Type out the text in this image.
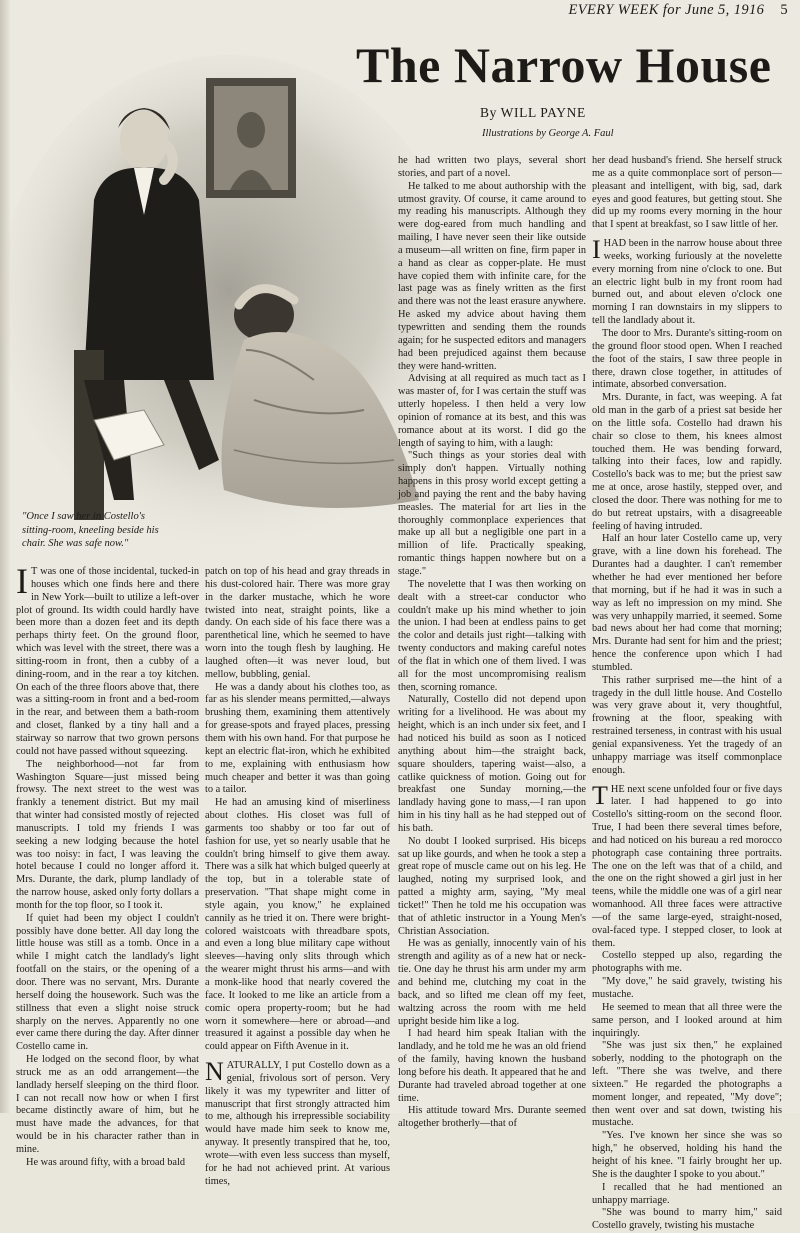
EVERY WEEK for June 5, 1916 5
The Narrow House
By WILL PAYNE
Illustrations by George A. Faul
"Once I saw her in Costello's sitting-room, kneeling beside his chair. She was safe now."

I T was one of those incidental, tucked-in houses which one finds here and there in New York—built to utilize a left-over plot of ground. Its width could hardly have been more than a dozen feet and its depth perhaps thirty feet. On the ground floor, which was level with the street, there was a sitting-room in front, then a cubby of a dining-room, and in the rear a toy kitchen. On each of the three floors above that, there was a sitting-room in front and a bed-room in the rear, and between them a bath-room and closet, flanked by a tiny hall and a stairway so narrow that two grown persons could not have passed without squeezing.

The neighborhood—not far from Washington Square—just missed being frowsy. The next street to the west was frankly a tenement district. But my mail that winter had consisted mostly of rejected manuscripts. I told my friends I was seeking a new lodging because the hotel was too noisy: in fact, I was leaving the hotel because I could no longer afford it. Mrs. Durante, the dark, plump landlady of the narrow house, asked only forty dollars a month for the top floor, so I took it.

If quiet had been my object I couldn't possibly have done better. All day long the little house was still as a tomb. Once in a while I might catch the landlady's light footfall on the stairs, or the opening of a door. There was no servant, Mrs. Durante herself doing the housework. Such was the stillness that even a slight noise struck sharply on the nerves. Apparently no one ever came there during the day. After dinner Costello came in.

He lodged on the second floor, by what struck me as an odd arrangement—the landlady herself sleeping on the third floor. I can not recall now how or when I first became distinctly aware of him, but he must have made the advances, for that would be in his character rather than in mine.

He was around fifty, with a broad bald

patch on top of his head and gray threads in his dust-colored hair. There was more gray in the darker mustache, which he wore twisted into neat, straight points, like a dandy. On each side of his face there was a parenthetical line, which he seemed to have worn into the tough flesh by laughing. He laughed often—it was never loud, but mellow, bubbling, genial.

He was a dandy about his clothes too, as far as his slender means permitted,—always brushing them, examining them attentively for grease-spots and frayed places, pressing them with his own hand. For that purpose he kept an electric flat-iron, which he exhibited to me, explaining with enthusiasm how much cheaper and better it was than going to a tailor.

He had an amusing kind of miserliness about clothes. His closet was full of garments too shabby or too far out of fashion for use, yet so nearly usable that he couldn't bring himself to give them away. There was a silk hat which bulged queerly at the top, but in a tolerable state of preservation. "That shape might come in style again, you know," he explained cannily as he tried it on. There were bright-colored waistcoats with threadbare spots, and even a long blue military cape without sleeves—having only slits through which the wearer might thrust his arms—and with a monk-like hood that nearly covered the face. It looked to me like an article from a comic opera property-room; but he had worn it somewhere—here or abroad—and treasured it against a possible day when he could appear on Fifth Avenue in it.

NATURALLY, I put Costello down as a genial, frivolous sort of person. Very likely it was my typewriter and litter of manuscript that first strongly attracted him to me, although his irrepressible sociability would have made him seek to know me, anyway. It presently transpired that he, too, wrote—with even less success than myself, for he had not achieved print. At various times,

he had written two plays, several short stories, and part of a novel.

He talked to me about authorship with the utmost gravity. Of course, it came around to my reading his manuscripts. Although they were dog-eared from much handling and mailing, I have never seen their like outside a museum—all written on fine, firm paper in a hand as clear as copper-plate. He must have copied them with infinite care, for the last page was as finely written as the first and there was not the least erasure anywhere. He asked my advice about having them typewritten and sending them the rounds again; for he suspected editors and managers had been prejudiced against them because they were hand-written.

Advising at all required as much tact as I was master of, for I was certain the stuff was utterly hopeless. I then held a very low opinion of romance at its best, and this was romance about at its worst. I did go the length of saying to him, with a laugh:

"Such things as your stories deal with simply don't happen. Virtually nothing happens in this prosy world except getting a job and paying the rent and the baby having measles. The material for art lies in the thoroughly commonplace experiences that make up all but a negligible one part in a million of life. Practically speaking, romantic things happen nowhere but on a stage."

The novelette that I was then working on dealt with a street-car conductor who couldn't make up his mind whether to join the union. I had been at endless pains to get the color and details just right—talking with twenty conductors and making careful notes of the flat in which one of them lived. I was all for the most uncompromising realism then, scorning romance.

Naturally, Costello did not depend upon writing for a livelihood. He was about my height, which is an inch under six feet, and I had noticed his build as soon as I noticed anything about him—the straight back, square shoulders, tapering waist—also, a catlike quickness of motion. Going out for breakfast one Sunday morning,—the landlady having gone to mass,—I ran upon him in his tiny hall as he had stepped out of his bath.

No doubt I looked surprised. His biceps sat up like gourds, and when he took a step a great rope of muscle came out on his leg. He laughed, noting my surprised look, and patted a mighty arm, saying, "My meal ticket!" Then he told me his occupation was that of athletic instructor in a Young Men's Christian Association.

He was as genially, innocently vain of his strength and agility as of a new hat or neck-tie. One day he thrust his arm under my arm and behind me, clutching my coat in the back, and so lifted me clean off my feet, waltzing across the room with me held upright beside him like a log.

I had heard him speak Italian with the landlady, and he told me he was an old friend of the family, having known the husband long before his death. It appeared that he and Durante had traveled abroad together at one time.

His attitude toward Mrs. Durante seemed altogether brotherly—that of

her dead husband's friend. She herself struck me as a quite commonplace sort of person—pleasant and intelligent, with big, sad, dark eyes and good features, but getting stout. She did up my rooms every morning in the hour that I spent at breakfast, so I saw little of her.

IHAD been in the narrow house about three weeks, working furiously at the novelette every morning from nine o'clock to one. But an electric light bulb in my front room had burned out, and about eleven o'clock one morning I ran downstairs in my slippers to tell the landlady about it.

The door to Mrs. Durante's sitting-room on the ground floor stood open. When I reached the foot of the stairs, I saw three people in there, drawn close together, in attitudes of intimate, absorbed conversation.

Mrs. Durante, in fact, was weeping. A fat old man in the garb of a priest sat beside her on the little sofa. Costello had drawn his chair so close to them, his knees almost touched them. He was bending forward, talking into their faces, low and rapidly. Costello's back was to me; but the priest saw me at once, arose hastily, stepped over, and closed the door. There was nothing for me to do but retreat upstairs, with a disagreeable feeling of having intruded.

Half an hour later Costello came up, very grave, with a line down his forehead. The Durantes had a daughter. I can't remember whether he had ever mentioned her before that morning, but if he had it was in such a way as left no impression on my mind. She was very unhappily married, it seemed. Some bad news about her had come that morning; Mrs. Durante had sent for him and the priest; hence the conference upon which I had stumbled.

This rather surprised me—the hint of a tragedy in the dull little house. And Costello was very grave about it, very thoughtful, frowning at the floor, speaking with restrained terseness, in contrast with his usual genial expansiveness. Yet the tragedy of an unhappy marriage was itself commonplace enough.

THE next scene unfolded four or five days later. I had happened to go into Costello's sitting-room on the second floor. True, I had been there several times before, and had noticed on his bureau a red morocco photograph case containing three portraits. The one on the left was that of a child, and the one on the right showed a girl just in her teens, while the middle one was of a girl near womanhood. All three faces were attractive—of the same large-eyed, straight-nosed, oval-faced type. I stepped closer, to look at them.

Costello stepped up also, regarding the photographs with me.

"My dove," he said gravely, twisting his mustache.

He seemed to mean that all three were the same person, and I looked around at him inquiringly.

"She was just six then," he explained soberly, nodding to the photograph on the left. "There she was twelve, and there sixteen." He regarded the photographs a moment longer, and repeated, "My dove"; then went over and sat down, twisting his mustache.

"Yes. I've known her since she was so high," he observed, holding his hand the height of his knee. "I fairly brought her up. She is the daughter I spoke to you about."

I recalled that he had mentioned an unhappy marriage.

"She was bound to marry him," said Costello gravely, twisting his mustache
